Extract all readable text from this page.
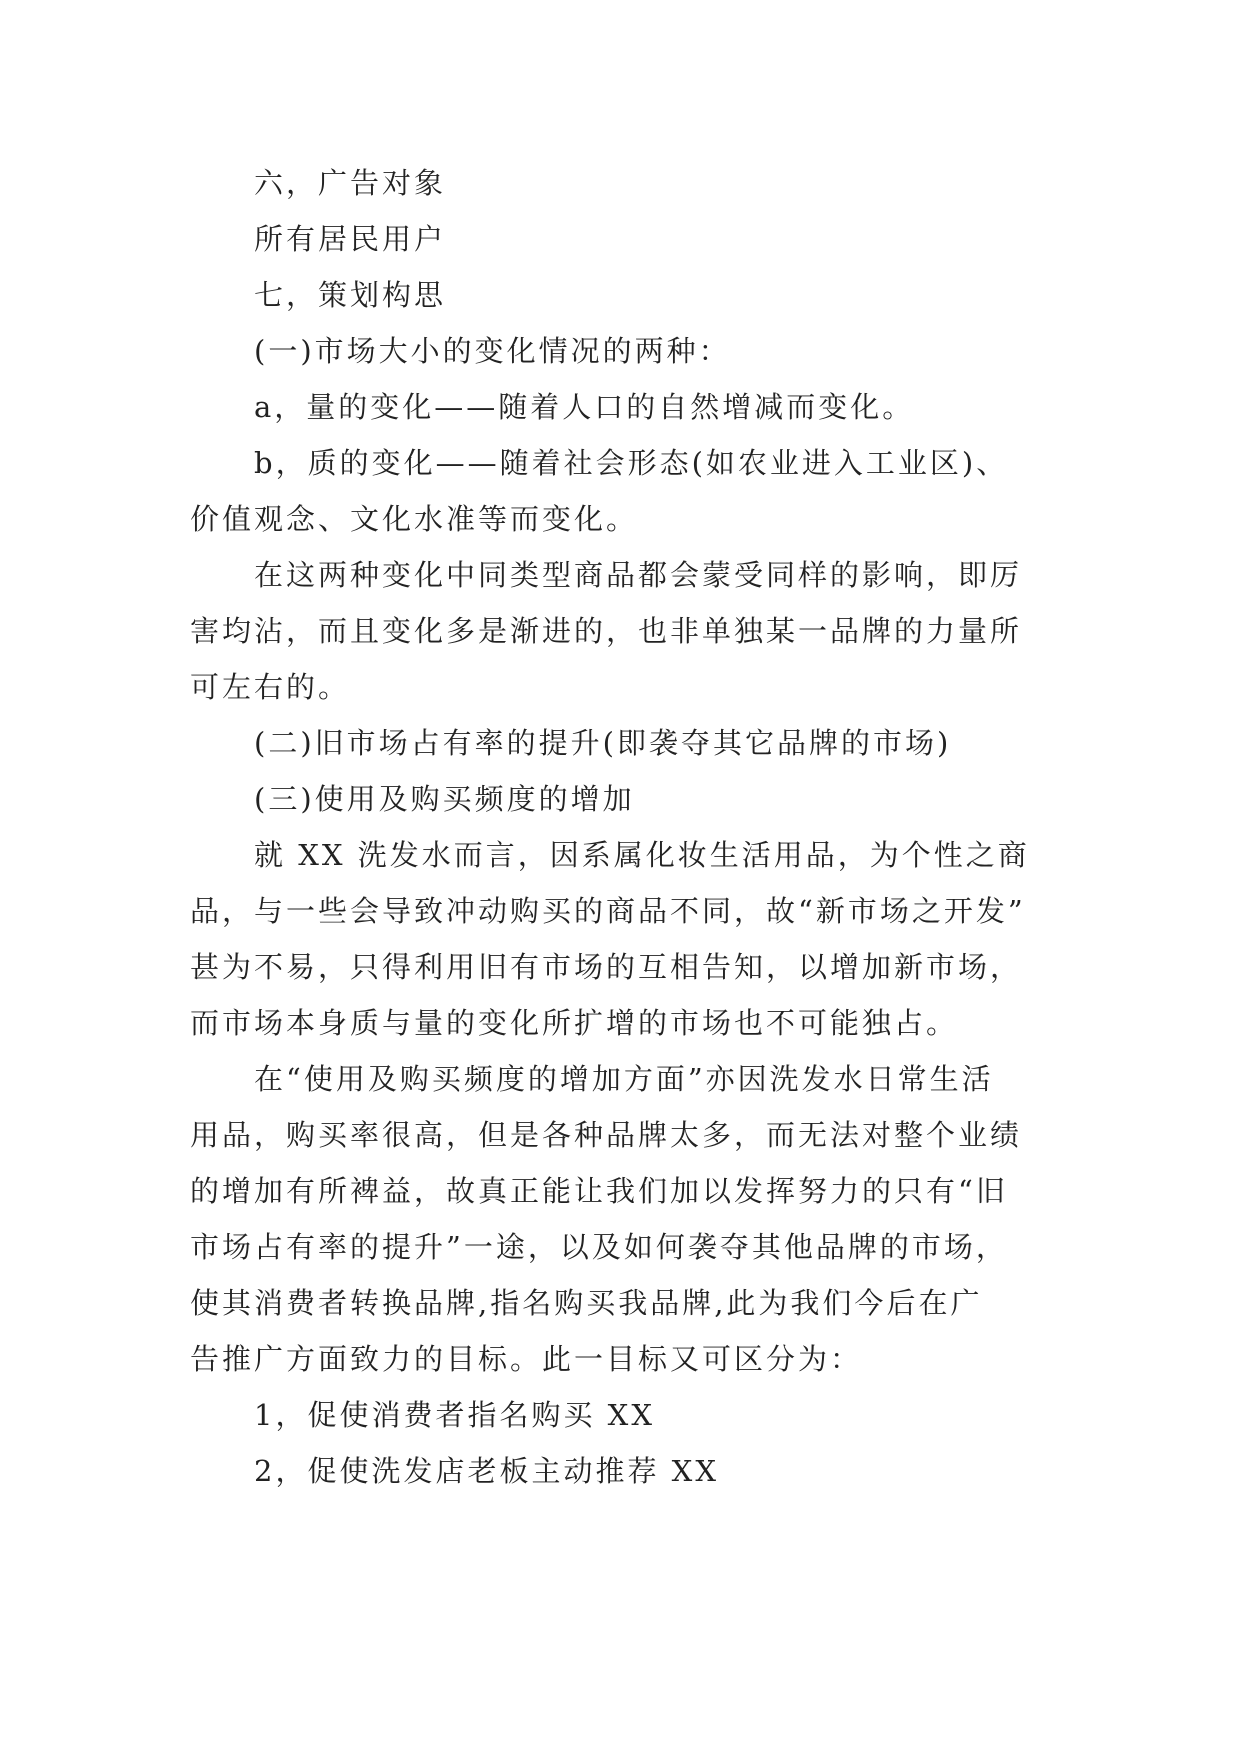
六，广告对象
所有居民用户
七，策划构思
(一)市场大小的变化情况的两种：
a，量的变化——随着人口的自然增减而变化。
b，质的变化——随着社会形态(如农业进入工业区)、
价值观念、文化水准等而变化。
在这两种变化中同类型商品都会蒙受同样的影响，即厉
害均沾，而且变化多是渐进的，也非单独某一品牌的力量所
可左右的。
(二)旧市场占有率的提升(即袭夺其它品牌的市场)
(三)使用及购买频度的增加
就 XX 洗发水而言，因系属化妆生活用品，为个性之商
品，与一些会导致冲动购买的商品不同，故“新市场之开发”
甚为不易，只得利用旧有市场的互相告知，以增加新市场，
而市场本身质与量的变化所扩增的市场也不可能独占。
在“使用及购买频度的增加方面”亦因洗发水日常生活
用品，购买率很高，但是各种品牌太多，而无法对整个业绩
的增加有所裨益，故真正能让我们加以发挥努力的只有“旧
市场占有率的提升”一途，以及如何袭夺其他品牌的市场，
使其消费者转换品牌,指名购买我品牌,此为我们今后在广
告推广方面致力的目标。此一目标又可区分为：
1，促使消费者指名购买 XX
2，促使洗发店老板主动推荐 XX
